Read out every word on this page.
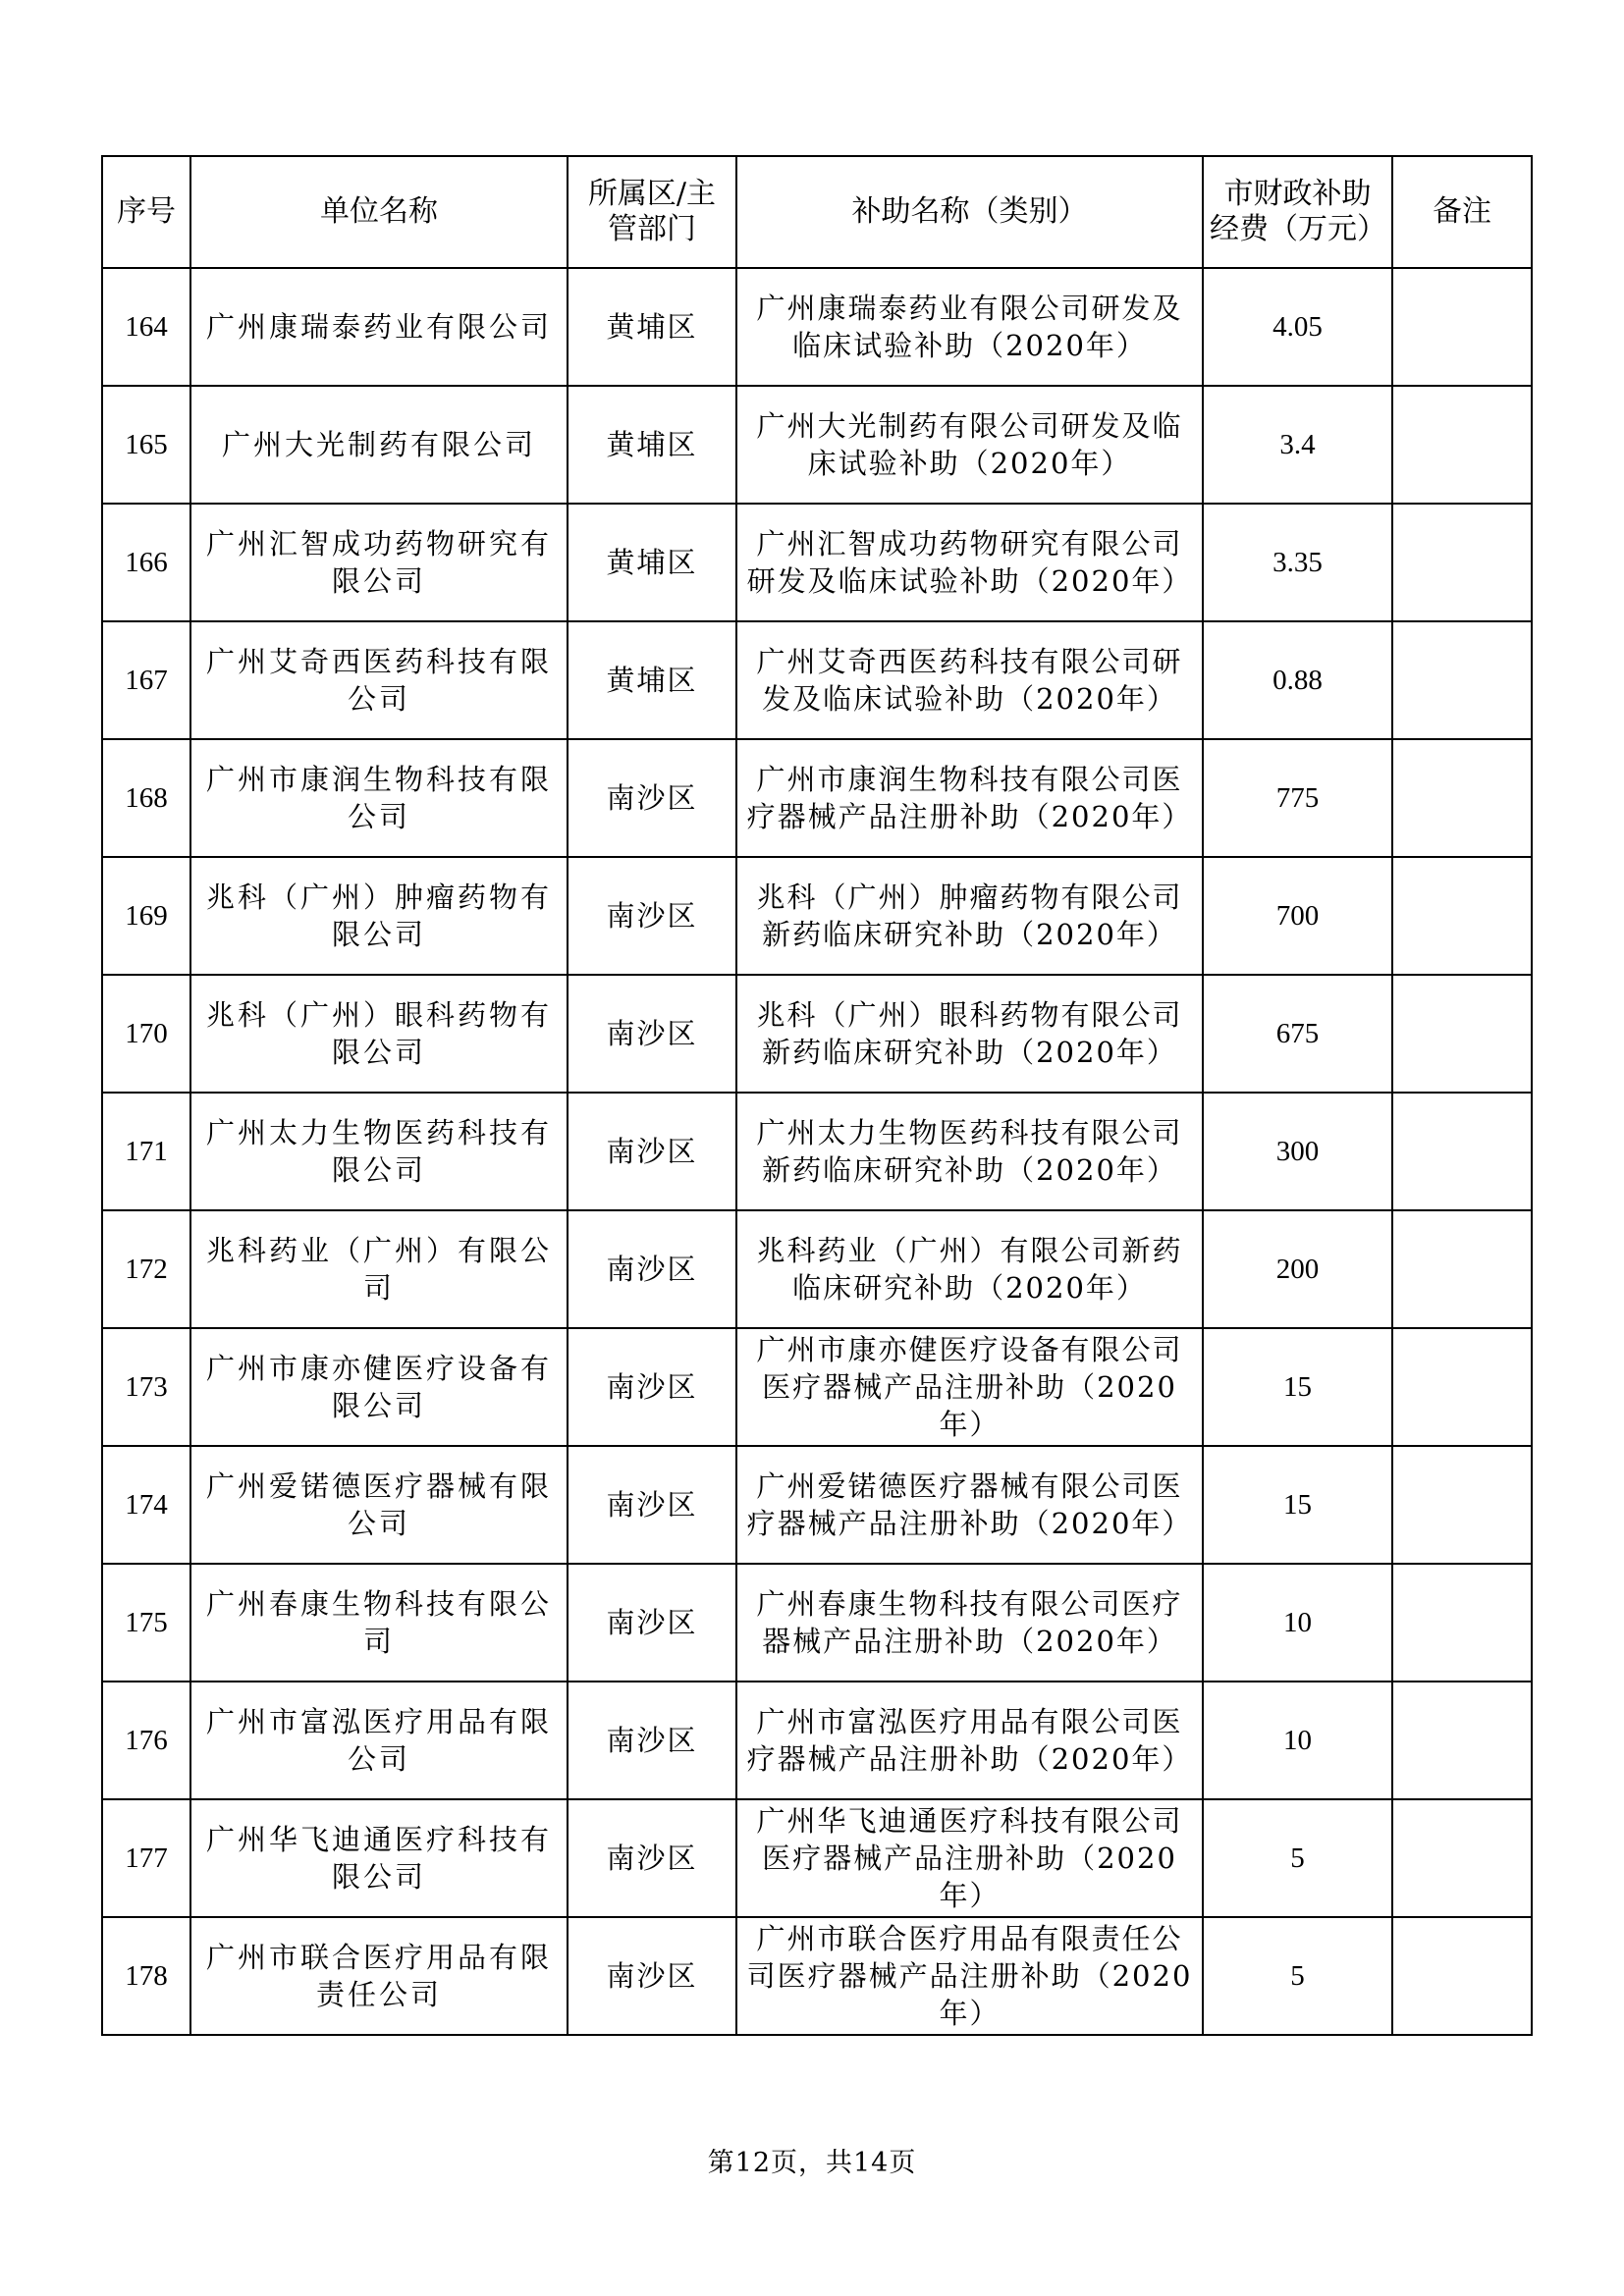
序号	单位名称	所属区/主管部门	补助名称（类别）	市财政补助经费（万元）	备注
164	广州康瑞泰药业有限公司	黄埔区	广州康瑞泰药业有限公司研发及临床试验补助（2020年）	4.05	
165	广州大光制药有限公司	黄埔区	广州大光制药有限公司研发及临床试验补助（2020年）	3.4	
166	广州汇智成功药物研究有限公司	黄埔区	广州汇智成功药物研究有限公司研发及临床试验补助（2020年）	3.35	
167	广州艾奇西医药科技有限公司	黄埔区	广州艾奇西医药科技有限公司研发及临床试验补助（2020年）	0.88	
168	广州市康润生物科技有限公司	南沙区	广州市康润生物科技有限公司医疗器械产品注册补助（2020年）	775	
169	兆科（广州）肿瘤药物有限公司	南沙区	兆科（广州）肿瘤药物有限公司新药临床研究补助（2020年）	700	
170	兆科（广州）眼科药物有限公司	南沙区	兆科（广州）眼科药物有限公司新药临床研究补助（2020年）	675	
171	广州太力生物医药科技有限公司	南沙区	广州太力生物医药科技有限公司新药临床研究补助（2020年）	300	
172	兆科药业（广州）有限公司	南沙区	兆科药业（广州）有限公司新药临床研究补助（2020年）	200	
173	广州市康亦健医疗设备有限公司	南沙区	广州市康亦健医疗设备有限公司医疗器械产品注册补助（2020年）	15	
174	广州爱锘德医疗器械有限公司	南沙区	广州爱锘德医疗器械有限公司医疗器械产品注册补助（2020年）	15	
175	广州春康生物科技有限公司	南沙区	广州春康生物科技有限公司医疗器械产品注册补助（2020年）	10	
176	广州市富泓医疗用品有限公司	南沙区	广州市富泓医疗用品有限公司医疗器械产品注册补助（2020年）	10	
177	广州华飞迪通医疗科技有限公司	南沙区	广州华飞迪通医疗科技有限公司医疗器械产品注册补助（2020年）	5	
178	广州市联合医疗用品有限责任公司	南沙区	广州市联合医疗用品有限责任公司医疗器械产品注册补助（2020年）	5	
第12页，共14页
